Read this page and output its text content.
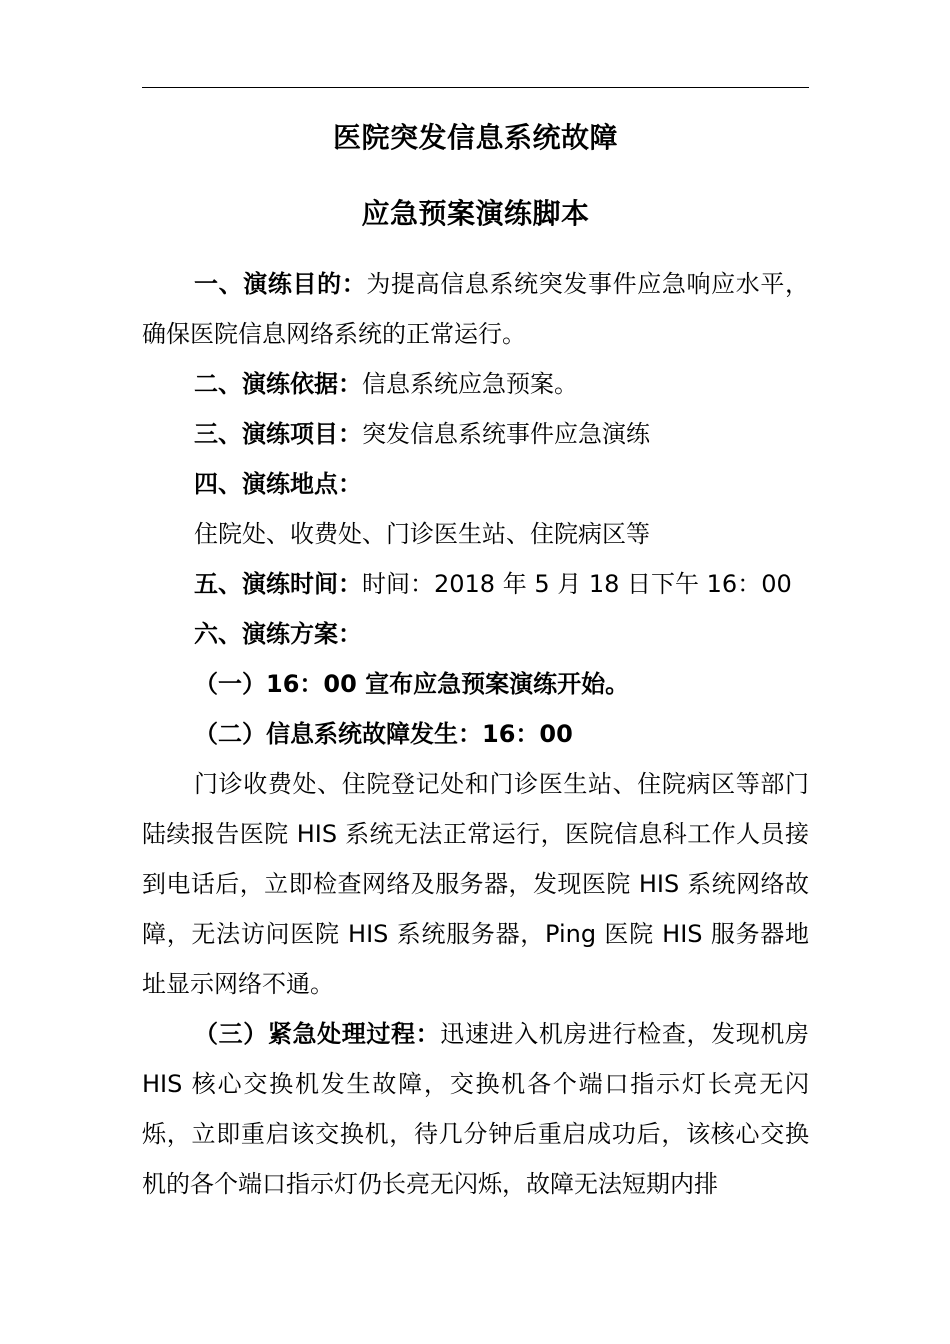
医院突发信息系统故障
应急预案演练脚本

一、演练目的：为提高信息系统突发事件应急响应水平，确保医院信息网络系统的正常运行。

二、演练依据：信息系统应急预案。

三、演练项目：突发信息系统事件应急演练

四、演练地点：

住院处、收费处、门诊医生站、住院病区等

五、演练时间：时间：2018 年 5 月 18 日下午 16：00

六、演练方案：

（一）16：00 宣布应急预案演练开始。

（二）信息系统故障发生：16：00

门诊收费处、住院登记处和门诊医生站、住院病区等部门陆续报告医院 HIS 系统无法正常运行，医院信息科工作人员接到电话后，立即检查网络及服务器，发现医院 HIS 系统网络故障，无法访问医院 HIS 系统服务器，Ping 医院 HIS 服务器地址显示网络不通。

（三）紧急处理过程：迅速进入机房进行检查，发现机房 HIS 核心交换机发生故障，交换机各个端口指示灯长亮无闪烁，立即重启该交换机，待几分钟后重启成功后，该核心交换机的各个端口指示灯仍长亮无闪烁，故障无法短期内排
